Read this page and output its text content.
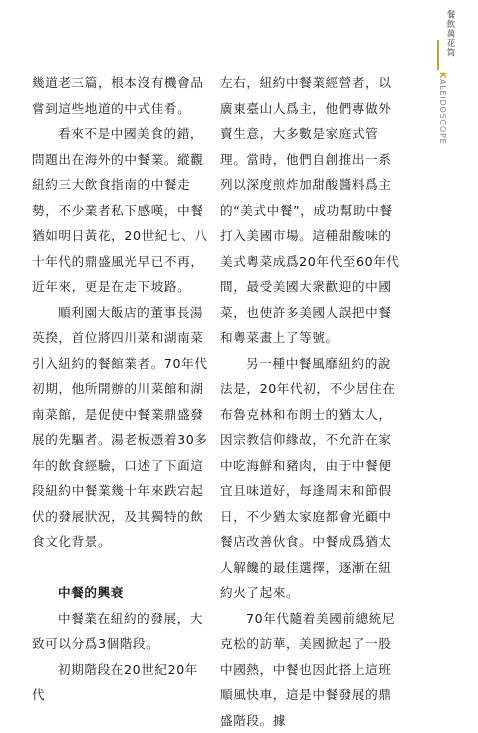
幾道老三篇，根本沒有機會品嘗到這些地道的中式佳肴。

看來不是中國美食的錯，問題出在海外的中餐業。縱觀紐約三大飲食指南的中餐走勢，不少業者私下感嘆，中餐猶如明日黃花，20世紀七、八十年代的鼎盛風光早已不再，近年來，更是在走下坡路。

順利園大飯店的董事長湯英揆，首位將四川菜和湖南菜引入紐約的餐館業者。70年代初期，他所開辦的川菜館和湖南菜館，是促使中餐業鼎盛發展的先驅者。湯老板憑着30多年的飲食經驗，口述了下面這段紐約中餐業幾十年來跌宕起伏的發展狀況，及其獨特的飲食文化背景。

中餐的興衰

中餐業在紐約的發展，大致可以分爲3個階段。

初期階段在20世紀20年代

左右，紐約中餐業經營者，以廣東臺山人爲主，他們專做外賣生意，大多數是家庭式管理。當時，他們自創推出一系列以深度煎炸加甜酸醬料爲主的“美式中餐”，成功幫助中餐打入美國市場。這種甜酸味的美式粵菜成爲20年代至60年代間，最受美國大衆歡迎的中國菜，也使許多美國人誤把中餐和粵菜畫上了等號。

另一種中餐風靡紐約的說法是，20年代初，不少居住在布魯克林和布朗士的猶太人，因宗教信仰緣故，不允許在家中吃海鮮和豬肉，由于中餐便宜且味道好，每逢周末和節假日，不少猶太家庭都會光顧中餐店改善伙食。中餐成爲猶太人解饞的最佳選擇，逐漸在紐約火了起來。

70年代隨着美國前總統尼克松的訪華，美國掀起了一股中國熱，中餐也因此搭上這班順風快車，這是中餐發展的鼎盛階段。據

餐飲萬花筒
KALEIDOSCOPE
